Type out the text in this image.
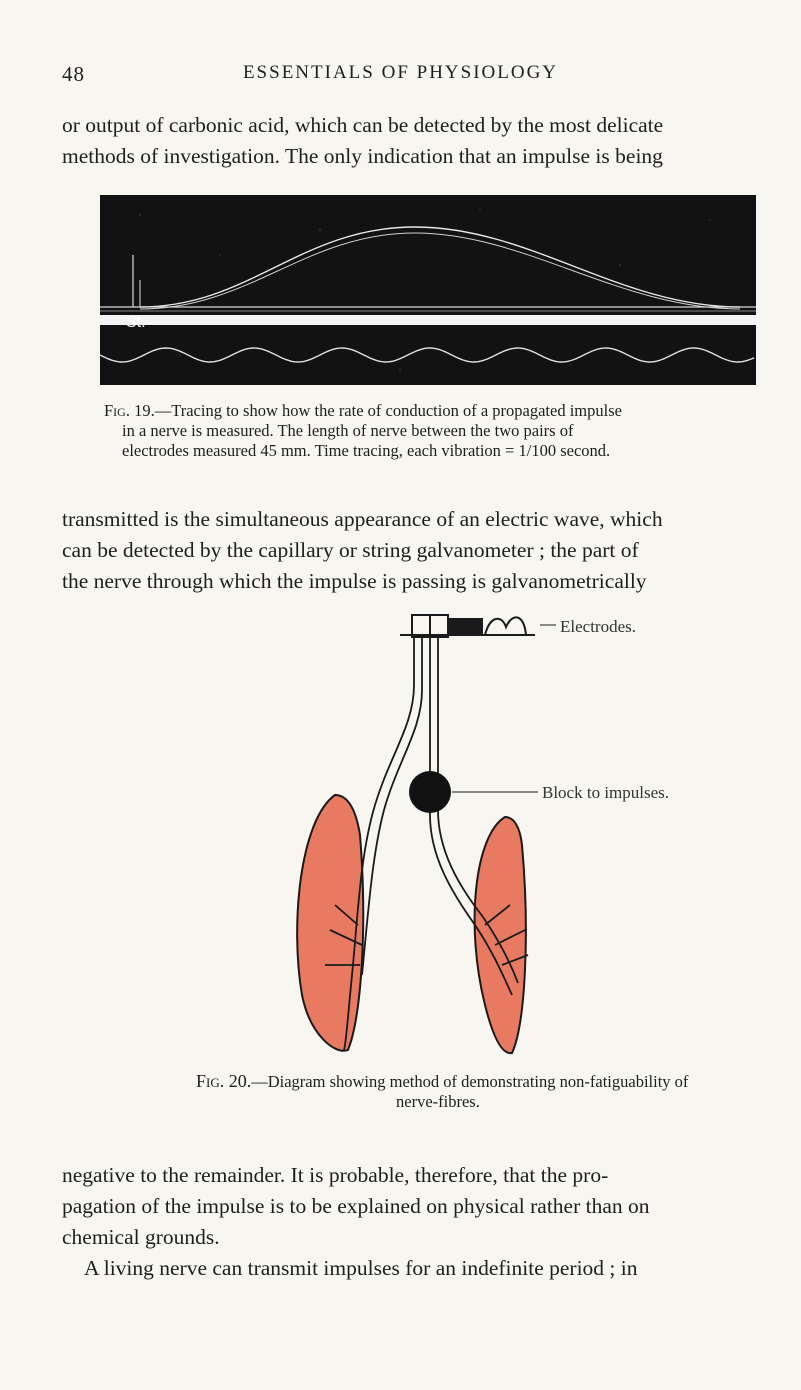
48	ESSENTIALS OF PHYSIOLOGY

or output of carbonic acid, which can be detected by the most delicate
methods of investigation. The only indication that an impulse is being

St.

Fig. 19.—Tracing to show how the rate of conduction of a propagated impulse
in a nerve is measured. The length of nerve between the two pairs of
electrodes measured 45 mm. Time tracing, each vibration = 1/100 second.

transmitted is the simultaneous appearance of an electric wave, which
can be detected by the capillary or string galvanometer ; the part of
the nerve through which the impulse is passing is galvanometrically

Electrodes.
Block to impulses.

Fig. 20.—Diagram showing method of demonstrating non-fatiguability of
nerve-fibres.

negative to the remainder. It is probable, therefore, that the pro-
pagation of the impulse is to be explained on physical rather than on
chemical grounds.
A living nerve can transmit impulses for an indefinite period ; in
